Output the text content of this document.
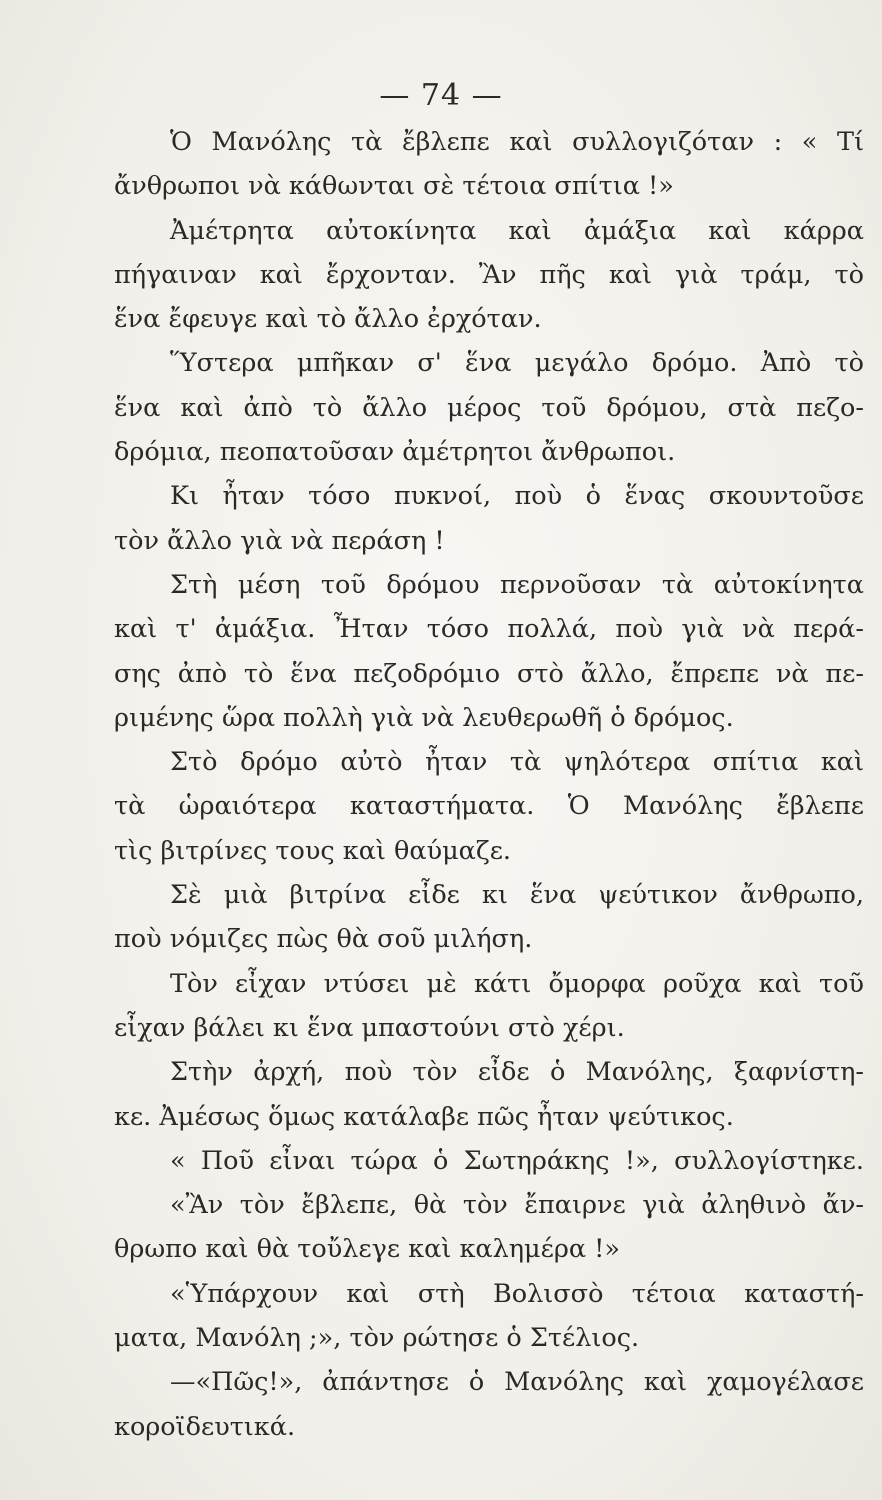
— 74 —
Ὁ Μανόλης τὰ ἔβλεπε καὶ συλλογιζόταν : « Τί
ἄνθρωποι νὰ κάθωνται σὲ τέτοια σπίτια !»
Ἀμέτρητα αὐτοκίνητα καὶ ἀμάξια καὶ κάρρα
πήγαιναν καὶ ἔρχονταν. Ἂν πῆς καὶ γιὰ τράμ, τὸ
ἕνα ἔφευγε καὶ τὸ ἄλλο ἐρχόταν.
Ὕστερα μπῆκαν σ' ἕνα μεγάλο δρόμο. Ἀπὸ τὸ
ἕνα καὶ ἀπὸ τὸ ἄλλο μέρος τοῦ δρόμου, στὰ πεζο-
δρόμια, πεοπατοῦσαν ἀμέτρητοι ἄνθρωποι.
Κι ἦταν τόσο πυκνοί, ποὺ ὁ ἕνας σκουντοῦσε
τὸν ἄλλο γιὰ νὰ περάση !
Στὴ μέση τοῦ δρόμου περνοῦσαν τὰ αὐτοκίνητα
καὶ τ' ἀμάξια. Ἦταν τόσο πολλά, ποὺ γιὰ νὰ περά-
σης ἀπὸ τὸ ἕνα πεζοδρόμιο στὸ ἄλλο, ἔπρεπε νὰ πε-
ριμένης ὥρα πολλὴ γιὰ νὰ λευθερωθῆ ὁ δρόμος.
Στὸ δρόμο αὐτὸ ἦταν τὰ ψηλότερα σπίτια καὶ
τὰ ὡραιότερα καταστήματα. Ὁ Μανόλης ἔβλεπε
τὶς βιτρίνες τους καὶ θαύμαζε.
Σὲ μιὰ βιτρίνα εἶδε κι ἕνα ψεύτικον ἄνθρωπο,
ποὺ νόμιζες πὼς θὰ σοῦ μιλήση.
Τὸν εἶχαν ντύσει μὲ κάτι ὄμορφα ροῦχα καὶ τοῦ
εἶχαν βάλει κι ἕνα μπαστούνι στὸ χέρι.
Στὴν ἀρχή, ποὺ τὸν εἶδε ὁ Μανόλης, ξαφνίστη-
κε. Ἀμέσως ὅμως κατάλαβε πῶς ἦταν ψεύτικος.
« Ποῦ εἶναι τώρα ὁ Σωτηράκης !», συλλογίστηκε.
«Ἂν τὸν ἔβλεπε, θὰ τὸν ἔπαιρνε γιὰ ἀληθινὸ ἄν-
θρωπο καὶ θὰ τοὔλεγε καὶ καλημέρα !»
«Ὑπάρχουν καὶ στὴ Βολισσὸ τέτοια καταστή-
ματα, Μανόλη ;», τὸν ρώτησε ὁ Στέλιος.
—«Πῶς!», ἀπάντησε ὁ Μανόλης καὶ χαμογέλασε
κοροϊδευτικά.
